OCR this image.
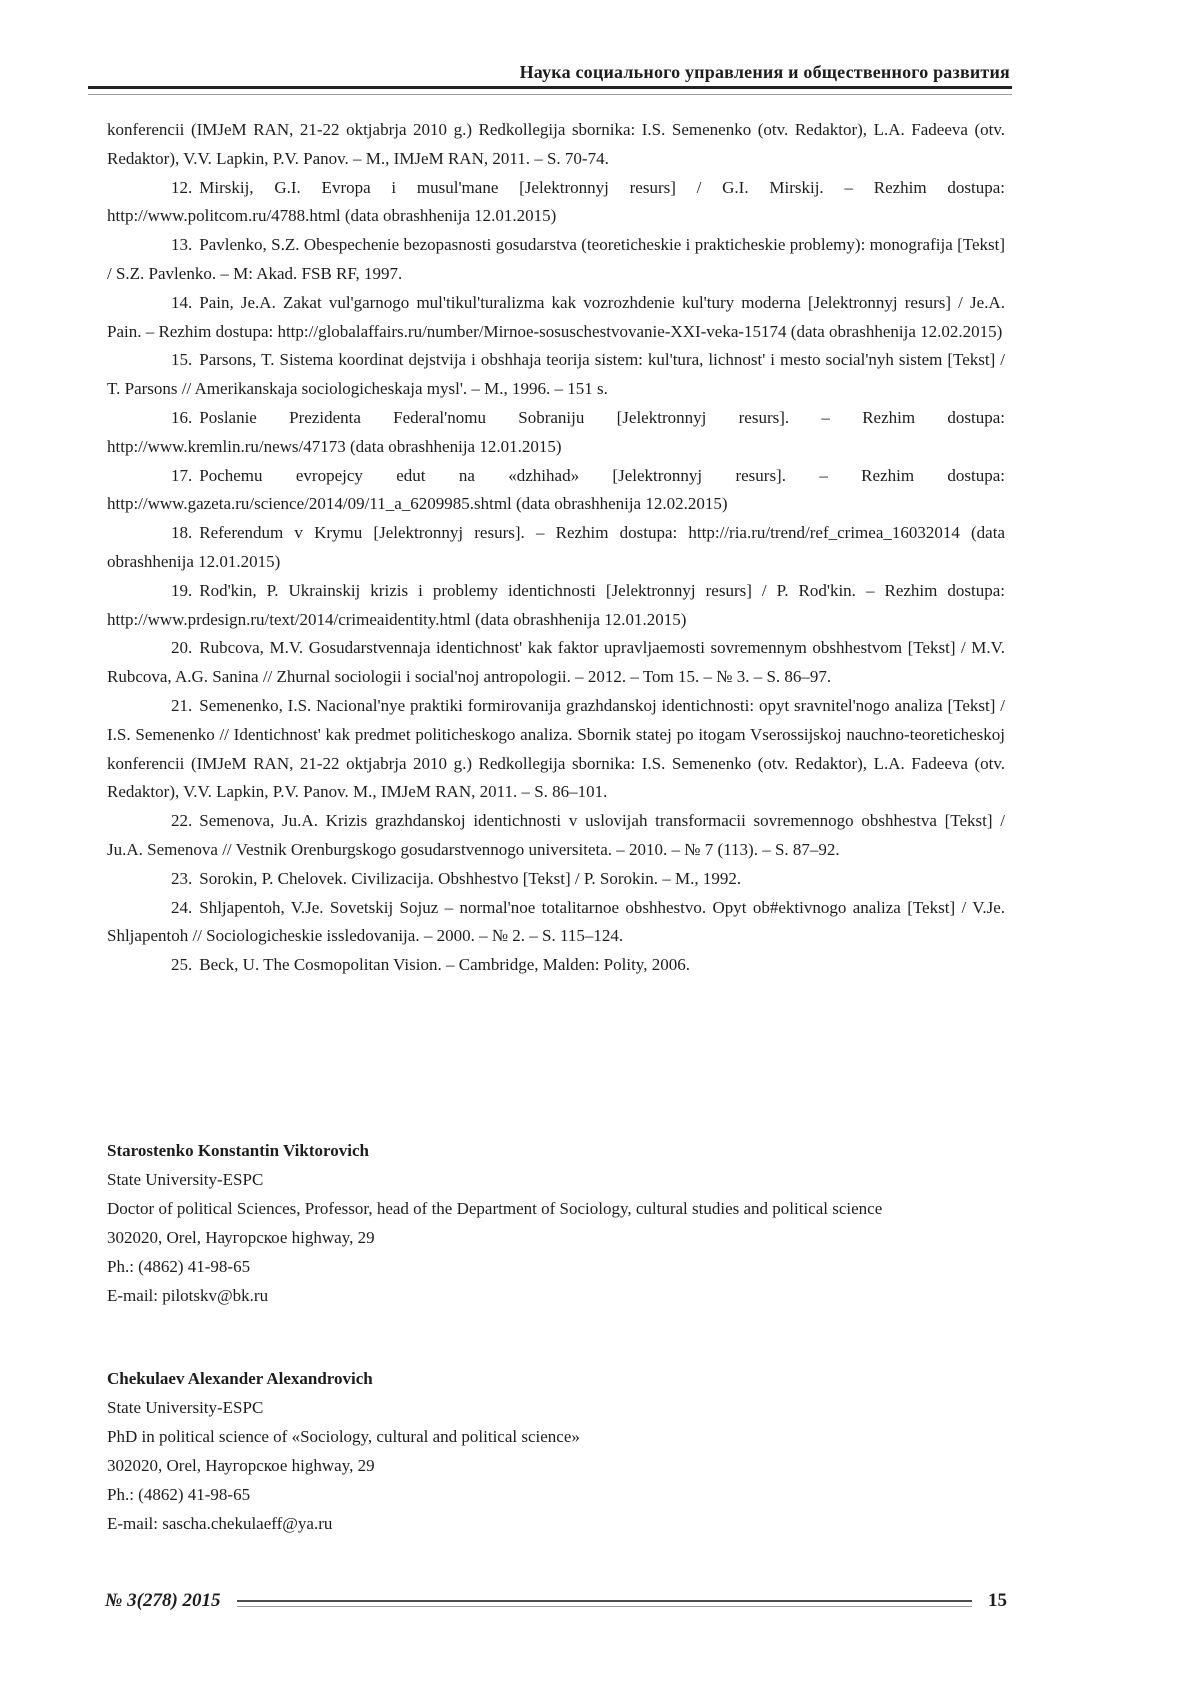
Наука социального управления и общественного развития

konferencii (IMJeM RAN, 21-22 oktjabrja 2010 g.) Redkollegija sbornika: I.S. Semenenko (otv. Redaktor), L.A. Fadeeva (otv. Redaktor), V.V. Lapkin, P.V. Panov. – M., IMJeM RAN, 2011. – S. 70-74.

12. Mirskij, G.I. Evropa i musul'mane [Jelektronnyj resurs] / G.I. Mirskij. – Rezhim dostupa: http://www.politcom.ru/4788.html (data obrashhenija 12.01.2015)

13. Pavlenko, S.Z. Obespechenie bezopasnosti gosudarstva (teoreticheskie i prakticheskie problemy): monografija [Tekst] / S.Z. Pavlenko. – M: Akad. FSB RF, 1997.

14. Pain, Je.A. Zakat vul'garnogo mul'tikul'turalizma kak vozrozhdenie kul'tury moderna [Jelektronnyj resurs] / Je.A. Pain. – Rezhim dostupa: http://globalaffairs.ru/number/Mirnoe-sosuschestvovanie-XXI-veka-15174 (data obrashhenija 12.02.2015)

15. Parsons, T. Sistema koordinat dejstvija i obshhaja teorija sistem: kul'tura, lichnost' i mesto social'nyh sistem [Tekst] / T. Parsons // Amerikanskaja sociologicheskaja mysl'. – M., 1996. – 151 s.

16. Poslanie Prezidenta Federal'nomu Sobraniju [Jelektronnyj resurs]. – Rezhim dostupa: http://www.kremlin.ru/news/47173 (data obrashhenija 12.01.2015)

17. Pochemu evropejcy edut na «dzhihad» [Jelektronnyj resurs]. – Rezhim dostupa: http://www.gazeta.ru/science/2014/09/11_a_6209985.shtml (data obrashhenija 12.02.2015)

18. Referendum v Krymu [Jelektronnyj resurs]. – Rezhim dostupa: http://ria.ru/trend/ref_crimea_16032014 (data obrashhenija 12.01.2015)

19. Rod'kin, P. Ukrainskij krizis i problemy identichnosti [Jelektronnyj resurs] / P. Rod'kin. – Rezhim dostupa: http://www.prdesign.ru/text/2014/crimeaidentity.html (data obrashhenija 12.01.2015)

20. Rubcova, M.V. Gosudarstvennaja identichnost' kak faktor upravljaemosti sovremennym obshhestvom [Tekst] / M.V. Rubcova, A.G. Sanina // Zhurnal sociologii i social'noj antropologii. – 2012. – Tom 15. – № 3. – S. 86–97.

21. Semenenko, I.S. Nacional'nye praktiki formirovanija grazhdanskoj identichnosti: opyt sravnitel'nogo analiza [Tekst] / I.S. Semenenko // Identichnost' kak predmet politicheskogo analiza. Sbornik statej po itogam Vserossijskoj nauchno-teoreticheskoj konferencii (IMJeM RAN, 21-22 oktjabrja 2010 g.) Redkollegija sbornika: I.S. Semenenko (otv. Redaktor), L.A. Fadeeva (otv. Redaktor), V.V. Lapkin, P.V. Panov. M., IMJeM RAN, 2011. – S. 86–101.

22. Semenova, Ju.A. Krizis grazhdanskoj identichnosti v uslovijah transformacii sovremennogo obshhestva [Tekst] / Ju.A. Semenova // Vestnik Orenburgskogo gosudarstvennogo universiteta. – 2010. – № 7 (113). – S. 87–92.

23. Sorokin, P. Chelovek. Civilizacija. Obshhestvo [Tekst] / P. Sorokin. – M., 1992.

24. Shljapentoh, V.Je. Sovetskij Sojuz – normal'noe totalitarnoe obshhestvo. Opyt ob#ektivnogo analiza [Tekst] / V.Je. Shljapentoh // Sociologicheskie issledovanija. – 2000. – № 2. – S. 115–124.

25. Beck, U. The Cosmopolitan Vision. – Cambridge, Malden: Polity, 2006.

Starostenko Konstantin Viktorovich

State University-ESPC

Doctor of political Sciences, Professor, head of the Department of Sociology, cultural studies and political science

302020, Orel, Наугорское highway, 29

Ph.: (4862) 41-98-65

E-mail: pilotskv@bk.ru

Chekulaev Alexander Alexandrovich

State University-ESPC

PhD in political science of «Sociology, cultural and political science»

302020, Orel, Наугорское highway, 29

Ph.: (4862) 41-98-65

E-mail: sascha.chekulaeff@ya.ru

№ 3(278) 2015	15
